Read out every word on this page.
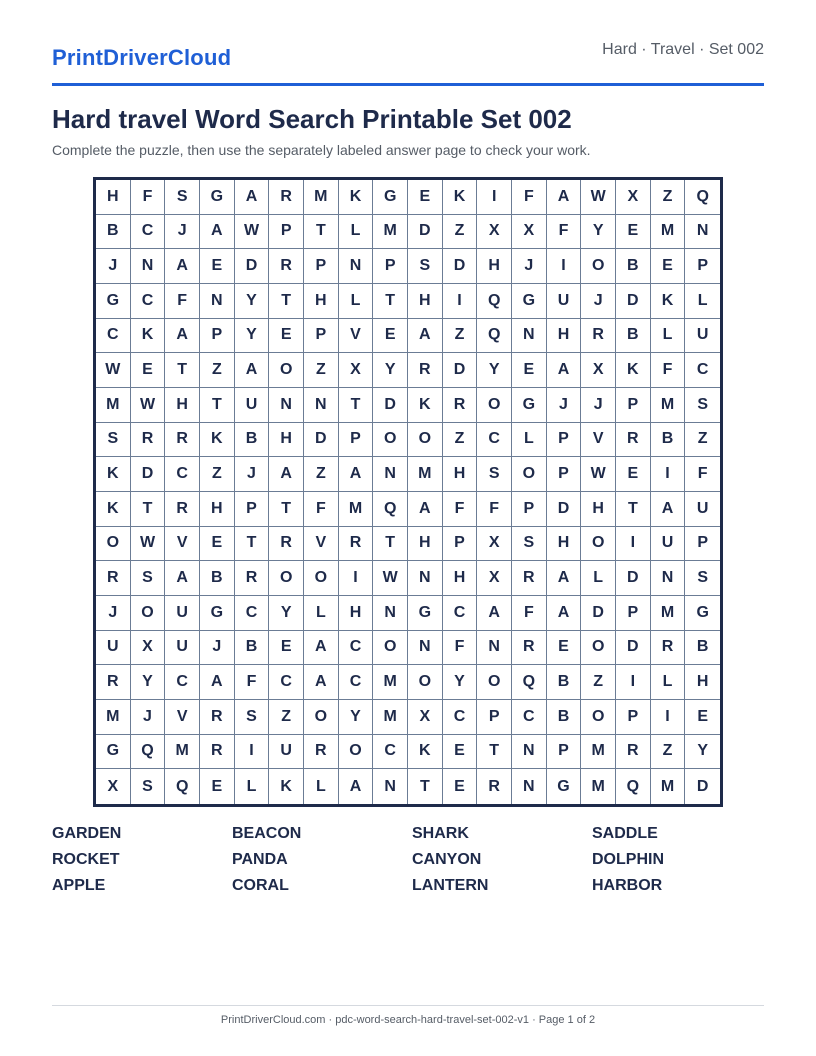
PrintDriverCloud	Hard · Travel · Set 002
Hard travel Word Search Printable Set 002

Complete the puzzle, then use the separately labeled answer page to check your work.

H	F	S	G	A	R	M	K	G	E	K	I	F	A	W	X	Z	Q
B	C	J	A	W	P	T	L	M	D	Z	X	X	F	Y	E	M	N
J	N	A	E	D	R	P	N	P	S	D	H	J	I	O	B	E	P
G	C	F	N	Y	T	H	L	T	H	I	Q	G	U	J	D	K	L
C	K	A	P	Y	E	P	V	E	A	Z	Q	N	H	R	B	L	U
W	E	T	Z	A	O	Z	X	Y	R	D	Y	E	A	X	K	F	C
M	W	H	T	U	N	N	T	D	K	R	O	G	J	J	P	M	S
S	R	R	K	B	H	D	P	O	O	Z	C	L	P	V	R	B	Z
K	D	C	Z	J	A	Z	A	N	M	H	S	O	P	W	E	I	F
K	T	R	H	P	T	F	M	Q	A	F	F	P	D	H	T	A	U
O	W	V	E	T	R	V	R	T	H	P	X	S	H	O	I	U	P
R	S	A	B	R	O	O	I	W	N	H	X	R	A	L	D	N	S
J	O	U	G	C	Y	L	H	N	G	C	A	F	A	D	P	M	G
U	X	U	J	B	E	A	C	O	N	F	N	R	E	O	D	R	B
R	Y	C	A	F	C	A	C	M	O	Y	O	Q	B	Z	I	L	H
M	J	V	R	S	Z	O	Y	M	X	C	P	C	B	O	P	I	E
G	Q	M	R	I	U	R	O	C	K	E	T	N	P	M	R	Z	Y
X	S	Q	E	L	K	L	A	N	T	E	R	N	G	M	Q	M	D
GARDEN	BEACON	SHARK	SADDLE
ROCKET	PANDA	CANYON	DOLPHIN
APPLE	CORAL	LANTERN	HARBOR
PrintDriverCloud.com · pdc-word-search-hard-travel-set-002-v1 · Page 1 of 2
